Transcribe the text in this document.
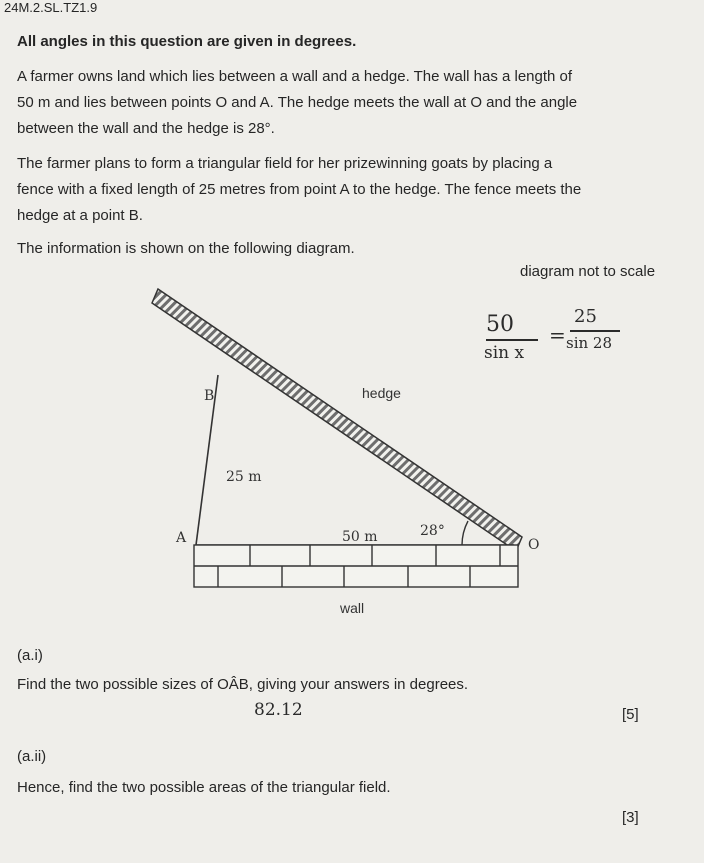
24M.2.SL.TZ1.9
All angles in this question are given in degrees.
A farmer owns land which lies between a wall and a hedge. The wall has a length of
50 m and lies between points O and A. The hedge meets the wall at O and the angle
between the wall and the hedge is 28°.
The farmer plans to form a triangular field for her prizewinning goats by placing a
fence with a fixed length of 25 metres from point A to the hedge. The fence meets the
hedge at a point B.
The information is shown on the following diagram.
B	hedge
25 m
A	50 m	28°
O
wall
diagram not to scale
50
sin x
=
25
sin 28
(a.i)
Find the two possible sizes of OÂB, giving your answers in degrees.
82.12	[5]
(a.ii)
Hence, find the two possible areas of the triangular field.
[3]
